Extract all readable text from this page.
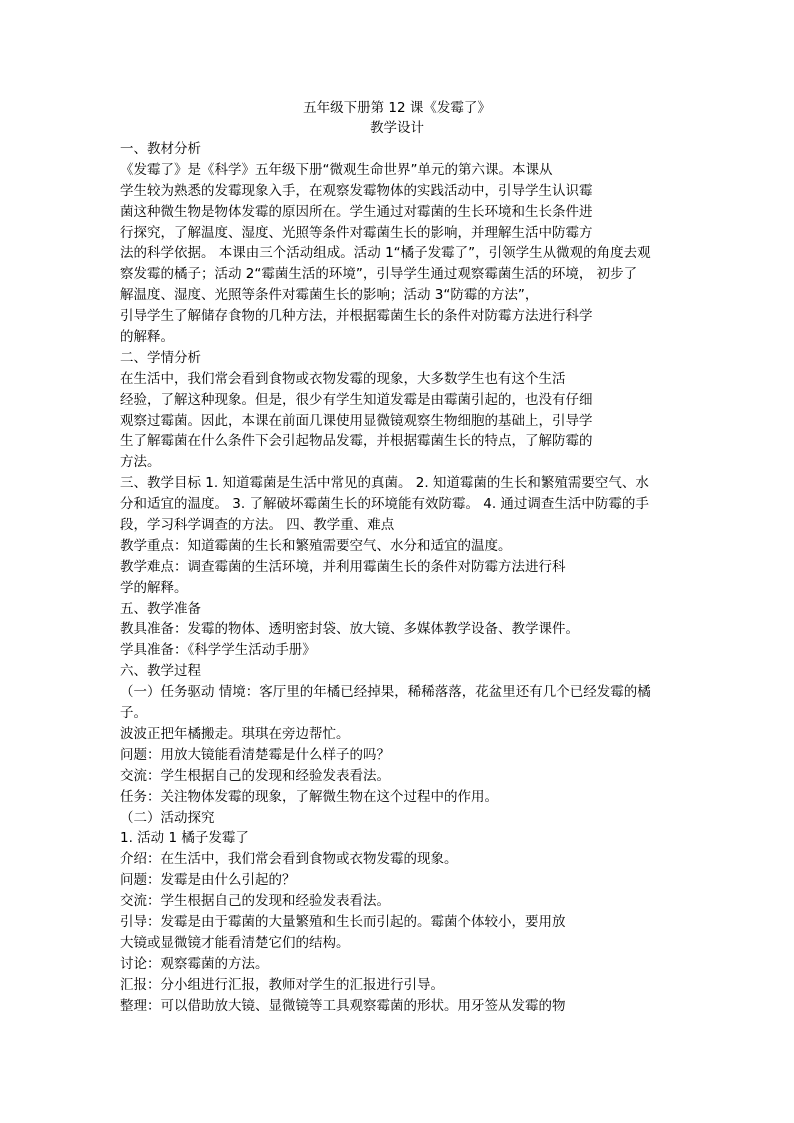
五年级下册第 12 课《发霉了》
教学设计
一、教材分析
《发霉了》是《科学》五年级下册“微观生命世界”单元的第六课。本课从
学生较为熟悉的发霉现象入手，在观察发霉物体的实践活动中，引导学生认识霉
菌这种微生物是物体发霉的原因所在。学生通过对霉菌的生长环境和生长条件进
行探究，了解温度、湿度、光照等条件对霉菌生长的影响，并理解生活中防霉方
法的科学依据。 本课由三个活动组成。活动 1“橘子发霉了”，引领学生从微观的角度去观
察发霉的橘子；活动 2“霉菌生活的环境”，引导学生通过观察霉菌生活的环境， 初步了
解温度、湿度、光照等条件对霉菌生长的影响；活动 3“防霉的方法”，
引导学生了解储存食物的几种方法，并根据霉菌生长的条件对防霉方法进行科学
的解释。
二、学情分析
在生活中，我们常会看到食物或衣物发霉的现象，大多数学生也有这个生活
经验，了解这种现象。但是，很少有学生知道发霉是由霉菌引起的，也没有仔细
观察过霉菌。因此，本课在前面几课使用显微镜观察生物细胞的基础上，引导学
生了解霉菌在什么条件下会引起物品发霉，并根据霉菌生长的特点，了解防霉的
方法。
三、教学目标 1. 知道霉菌是生活中常见的真菌。 2. 知道霉菌的生长和繁殖需要空气、水
分和适宜的温度。 3. 了解破坏霉菌生长的环境能有效防霉。 4. 通过调查生活中防霉的手
段，学习科学调查的方法。 四、教学重、难点
教学重点：知道霉菌的生长和繁殖需要空气、水分和适宜的温度。
教学难点：调查霉菌的生活环境，并利用霉菌生长的条件对防霉方法进行科
学的解释。
五、教学准备
教具准备：发霉的物体、透明密封袋、放大镜、多媒体教学设备、教学课件。
学具准备：《科学学生活动手册》
六、教学过程
（一）任务驱动 情境：客厅里的年橘已经掉果，稀稀落落，花盆里还有几个已经发霉的橘
子。
波波正把年橘搬走。琪琪在旁边帮忙。
问题：用放大镜能看清楚霉是什么样子的吗？
交流：学生根据自己的发现和经验发表看法。
任务：关注物体发霉的现象，了解微生物在这个过程中的作用。
（二）活动探究
1. 活动 1 橘子发霉了
介绍：在生活中，我们常会看到食物或衣物发霉的现象。
问题：发霉是由什么引起的？
交流：学生根据自己的发现和经验发表看法。
引导：发霉是由于霉菌的大量繁殖和生长而引起的。霉菌个体较小，要用放
大镜或显微镜才能看清楚它们的结构。
讨论：观察霉菌的方法。
汇报：分小组进行汇报，教师对学生的汇报进行引导。
整理：可以借助放大镜、显微镜等工具观察霉菌的形状。用牙签从发霉的物
